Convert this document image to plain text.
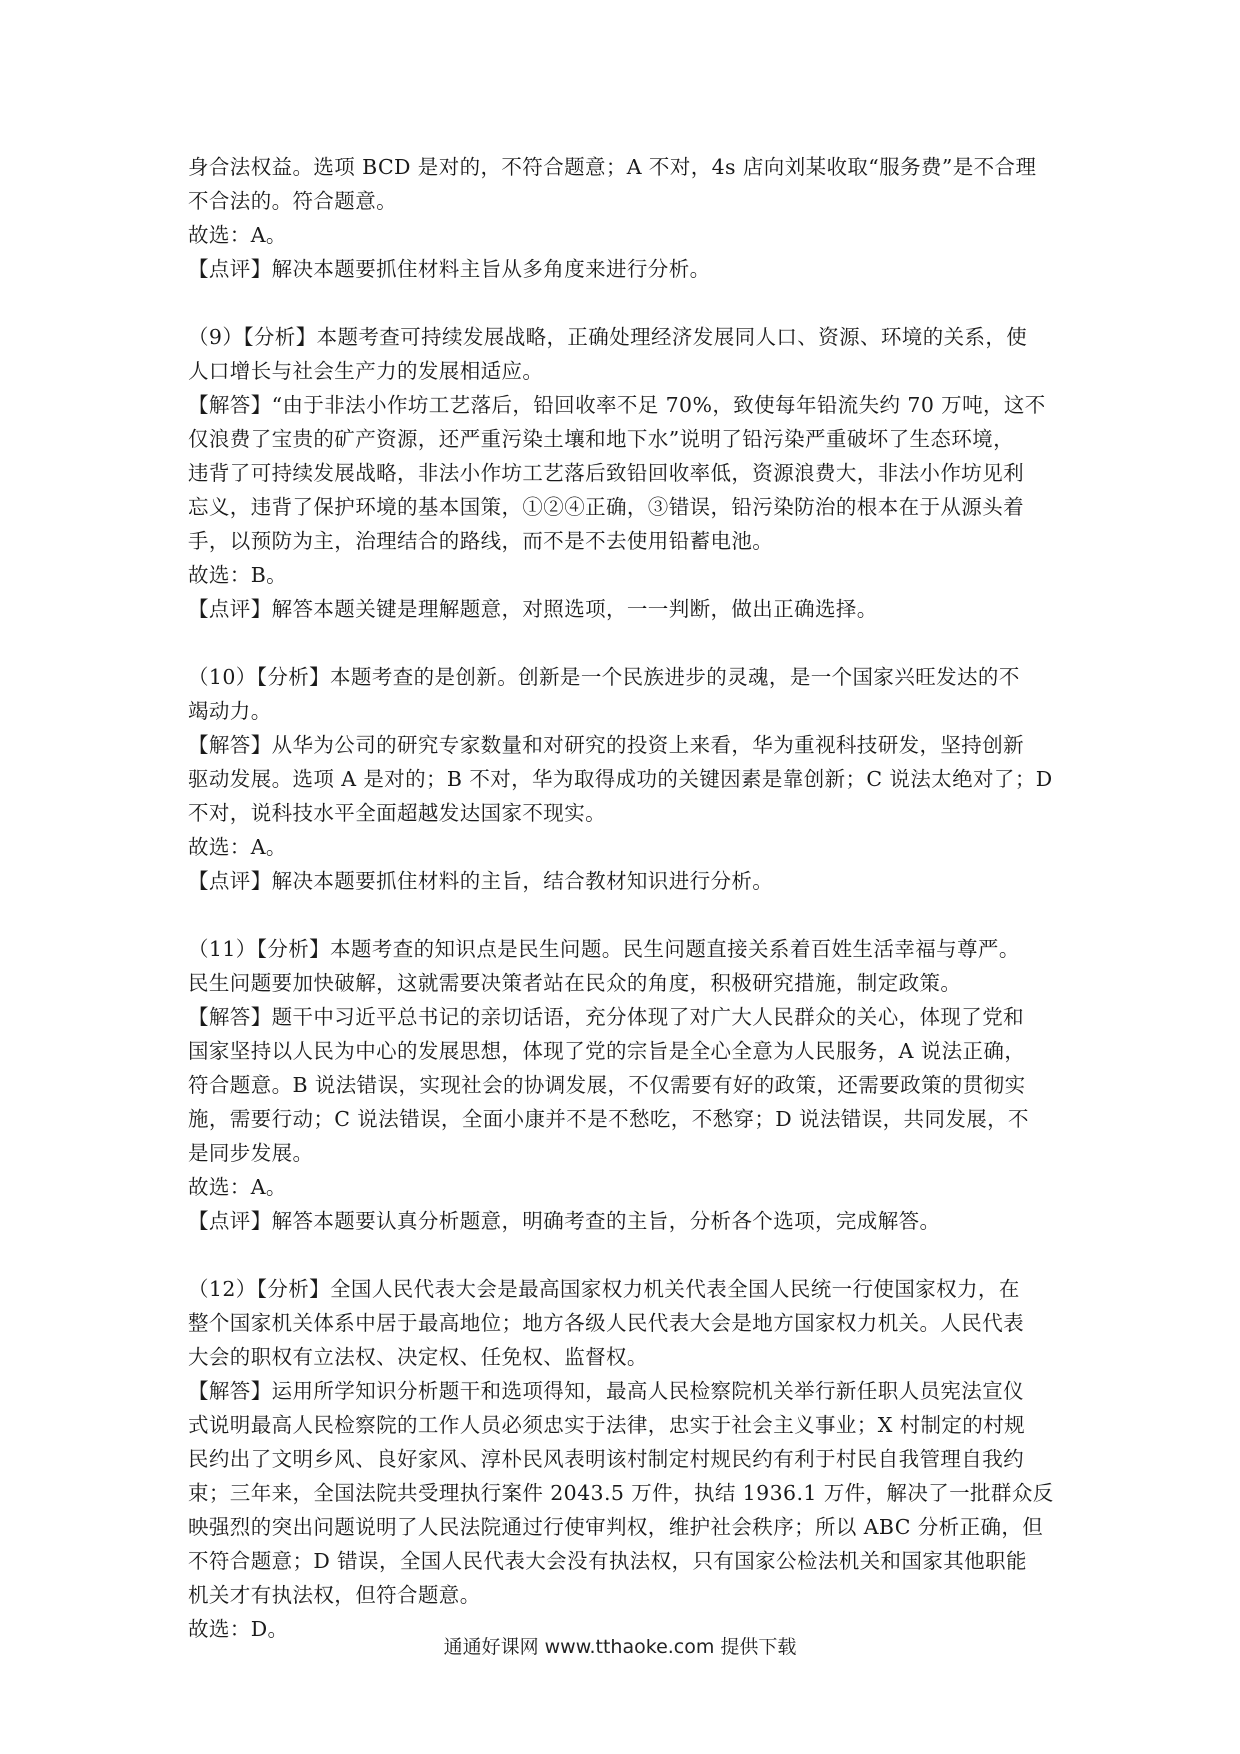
身合法权益。选项 BCD 是对的，不符合题意；A 不对，4s 店向刘某收取“服务费”是不合理
不合法的。符合题意。
故选：A。
【点评】解决本题要抓住材料主旨从多角度来进行分析。
（9）【分析】本题考查可持续发展战略，正确处理经济发展同人口、资源、环境的关系，使
人口增长与社会生产力的发展相适应。
【解答】“由于非法小作坊工艺落后，铅回收率不足 70%，致使每年铅流失约 70 万吨，这不
仅浪费了宝贵的矿产资源，还严重污染土壤和地下水”说明了铅污染严重破坏了生态环境，
违背了可持续发展战略，非法小作坊工艺落后致铅回收率低，资源浪费大，非法小作坊见利
忘义，违背了保护环境的基本国策，①②④正确，③错误，铅污染防治的根本在于从源头着
手，以预防为主，治理结合的路线，而不是不去使用铅蓄电池。
故选：B。
【点评】解答本题关键是理解题意，对照选项，一一判断，做出正确选择。
（10）【分析】本题考查的是创新。创新是一个民族进步的灵魂，是一个国家兴旺发达的不
竭动力。
【解答】从华为公司的研究专家数量和对研究的投资上来看，华为重视科技研发，坚持创新
驱动发展。选项 A 是对的；B 不对，华为取得成功的关键因素是靠创新；C 说法太绝对了；D
不对，说科技水平全面超越发达国家不现实。
故选：A。
【点评】解决本题要抓住材料的主旨，结合教材知识进行分析。
（11）【分析】本题考查的知识点是民生问题。民生问题直接关系着百姓生活幸福与尊严。
民生问题要加快破解，这就需要决策者站在民众的角度，积极研究措施，制定政策。
【解答】题干中习近平总书记的亲切话语，充分体现了对广大人民群众的关心，体现了党和
国家坚持以人民为中心的发展思想，体现了党的宗旨是全心全意为人民服务，A 说法正确，
符合题意。B 说法错误，实现社会的协调发展，不仅需要有好的政策，还需要政策的贯彻实
施，需要行动；C 说法错误，全面小康并不是不愁吃，不愁穿；D 说法错误，共同发展，不
是同步发展。
故选：A。
【点评】解答本题要认真分析题意，明确考查的主旨，分析各个选项，完成解答。
（12）【分析】全国人民代表大会是最高国家权力机关代表全国人民统一行使国家权力，在
整个国家机关体系中居于最高地位；地方各级人民代表大会是地方国家权力机关。人民代表
大会的职权有立法权、决定权、任免权、监督权。
【解答】运用所学知识分析题干和选项得知，最高人民检察院机关举行新任职人员宪法宣仪
式说明最高人民检察院的工作人员必须忠实于法律，忠实于社会主义事业；X 村制定的村规
民约出了文明乡风、良好家风、淳朴民风表明该村制定村规民约有利于村民自我管理自我约
束；三年来，全国法院共受理执行案件 2043.5 万件，执结 1936.1 万件，解决了一批群众反
映强烈的突出问题说明了人民法院通过行使审判权，维护社会秩序；所以 ABC 分析正确，但
不符合题意；D 错误，全国人民代表大会没有执法权，只有国家公检法机关和国家其他职能
机关才有执法权，但符合题意。
故选：D。
通通好课网 www.tthaoke.com 提供下载
